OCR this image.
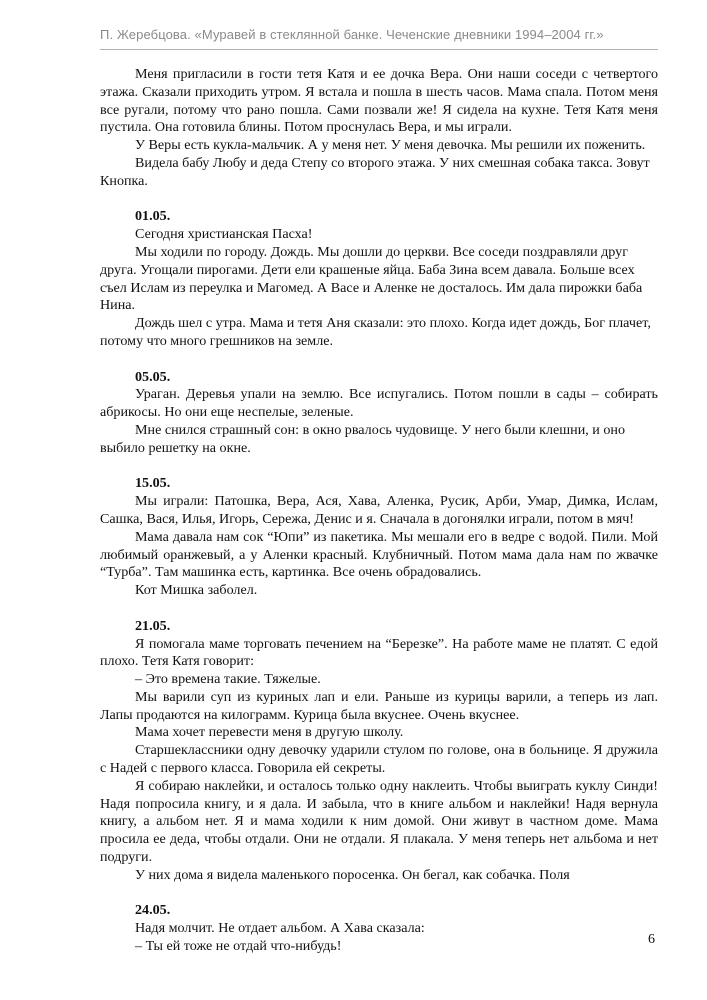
П. Жеребцова. «Муравей в стеклянной банке. Чеченские дневники 1994–2004 гг.»

Меня пригласили в гости тетя Катя и ее дочка Вера. Они наши соседи с четвертого этажа. Сказали приходить утром. Я встала и пошла в шесть часов. Мама спала. Потом меня все ругали, потому что рано пошла. Сами позвали же! Я сидела на кухне. Тетя Катя меня пустила. Она готовила блины. Потом проснулась Вера, и мы играли.

У Веры есть кукла-мальчик. А у меня нет. У меня девочка. Мы решили их поженить.

Видела бабу Любу и деда Степу со второго этажа. У них смешная собака такса. Зовут Кнопка.

01.05.

Сегодня христианская Пасха!

Мы ходили по городу. Дождь. Мы дошли до церкви. Все соседи поздравляли друг друга. Угощали пирогами. Дети ели крашеные яйца. Баба Зина всем давала. Больше всех съел Ислам из переулка и Магомед. А Васе и Аленке не досталось. Им дала пирожки баба Нина.

Дождь шел с утра. Мама и тетя Аня сказали: это плохо. Когда идет дождь, Бог плачет, потому что много грешников на земле.

05.05.

Ураган. Деревья упали на землю. Все испугались. Потом пошли в сады – собирать абрикосы. Но они еще неспелые, зеленые.

Мне снился страшный сон: в окно рвалось чудовище. У него были клешни, и оно выбило решетку на окне.

15.05.

Мы играли: Патошка, Вера, Ася, Хава, Аленка, Русик, Арби, Умар, Димка, Ислам, Сашка, Вася, Илья, Игорь, Сережа, Денис и я. Сначала в догонялки играли, потом в мяч!

Мама давала нам сок “Юпи” из пакетика. Мы мешали его в ведре с водой. Пили. Мой любимый оранжевый, а у Аленки красный. Клубничный. Потом мама дала нам по жвачке “Турба”. Там машинка есть, картинка. Все очень обрадовались.

Кот Мишка заболел.

21.05.

Я помогала маме торговать печением на “Березке”. На работе маме не платят. С едой плохо. Тетя Катя говорит:

– Это времена такие. Тяжелые.

Мы варили суп из куриных лап и ели. Раньше из курицы варили, а теперь из лап. Лапы продаются на килограмм. Курица была вкуснее. Очень вкуснее.

Мама хочет перевести меня в другую школу.

Старшеклассники одну девочку ударили стулом по голове, она в больнице. Я дружила с Надей с первого класса. Говорила ей секреты.

Я собираю наклейки, и осталось только одну наклеить. Чтобы выиграть куклу Синди! Надя попросила книгу, и я дала. И забыла, что в книге альбом и наклейки! Надя вернула книгу, а альбом нет. Я и мама ходили к ним домой. Они живут в частном доме. Мама просила ее деда, чтобы отдали. Они не отдали. Я плакала. У меня теперь нет альбома и нет подруги.

У них дома я видела маленького поросенка. Он бегал, как собачка. Поля

24.05.

Надя молчит. Не отдает альбом. А Хава сказала:

– Ты ей тоже не отдай что-нибудь!	6
